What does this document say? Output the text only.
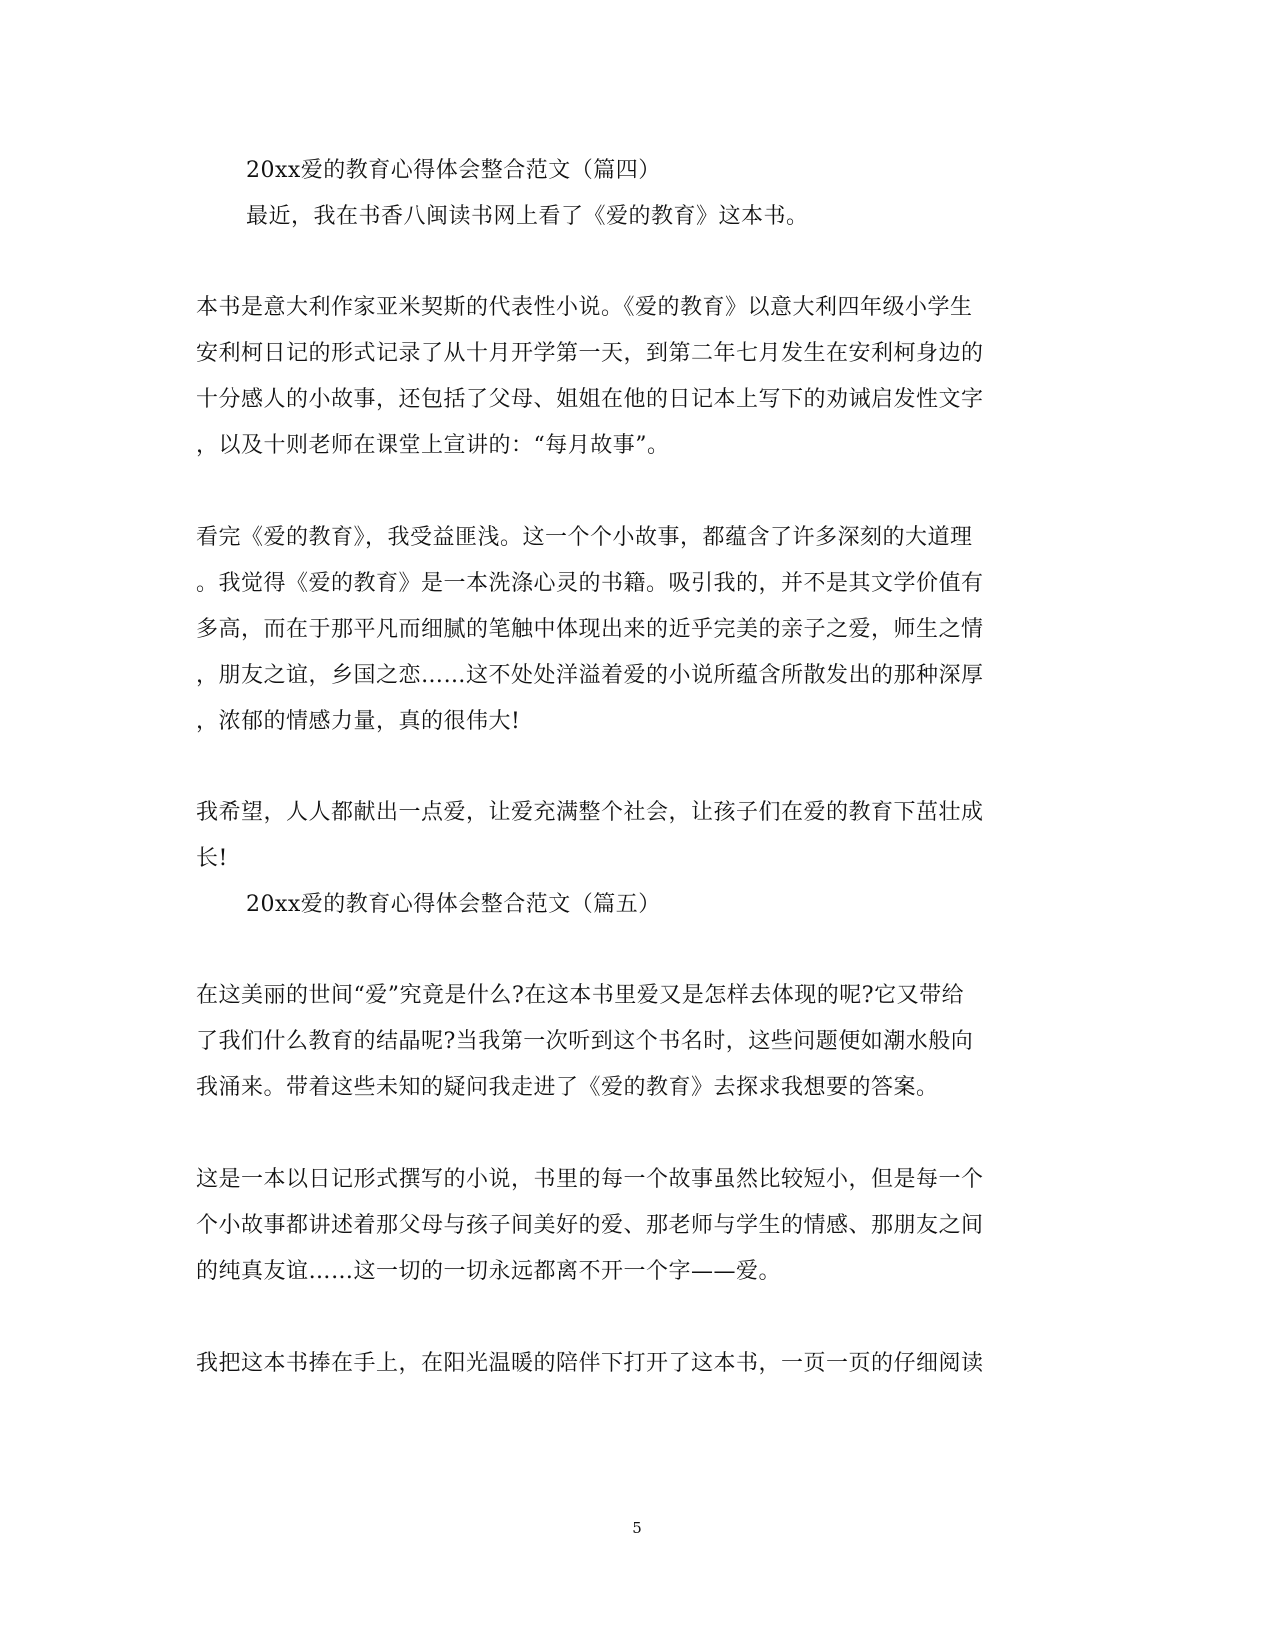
20xx爱的教育心得体会整合范文（篇四）
最近，我在书香八闽读书网上看了《爱的教育》这本书。
本书是意大利作家亚米契斯的代表性小说。《爱的教育》以意大利四年级小学生
安利柯日记的形式记录了从十月开学第一天，到第二年七月发生在安利柯身边的
十分感人的小故事，还包括了父母、姐姐在他的日记本上写下的劝诫启发性文字
，以及十则老师在课堂上宣讲的：“每月故事”。
看完《爱的教育》，我受益匪浅。这一个个小故事，都蕴含了许多深刻的大道理
。我觉得《爱的教育》是一本洗涤心灵的书籍。吸引我的，并不是其文学价值有
多高，而在于那平凡而细腻的笔触中体现出来的近乎完美的亲子之爱，师生之情
，朋友之谊，乡国之恋……这不处处洋溢着爱的小说所蕴含所散发出的那种深厚
，浓郁的情感力量，真的很伟大!
我希望，人人都献出一点爱，让爱充满整个社会，让孩子们在爱的教育下茁壮成
长!
20xx爱的教育心得体会整合范文（篇五）
在这美丽的世间“爱”究竟是什么?在这本书里爱又是怎样去体现的呢?它又带给
了我们什么教育的结晶呢?当我第一次听到这个书名时，这些问题便如潮水般向
我涌来。带着这些未知的疑问我走进了《爱的教育》去探求我想要的答案。
这是一本以日记形式撰写的小说，书里的每一个故事虽然比较短小，但是每一个
个小故事都讲述着那父母与孩子间美好的爱、那老师与学生的情感、那朋友之间
的纯真友谊……这一切的一切永远都离不开一个字——爱。
我把这本书捧在手上，在阳光温暖的陪伴下打开了这本书，一页一页的仔细阅读
5
